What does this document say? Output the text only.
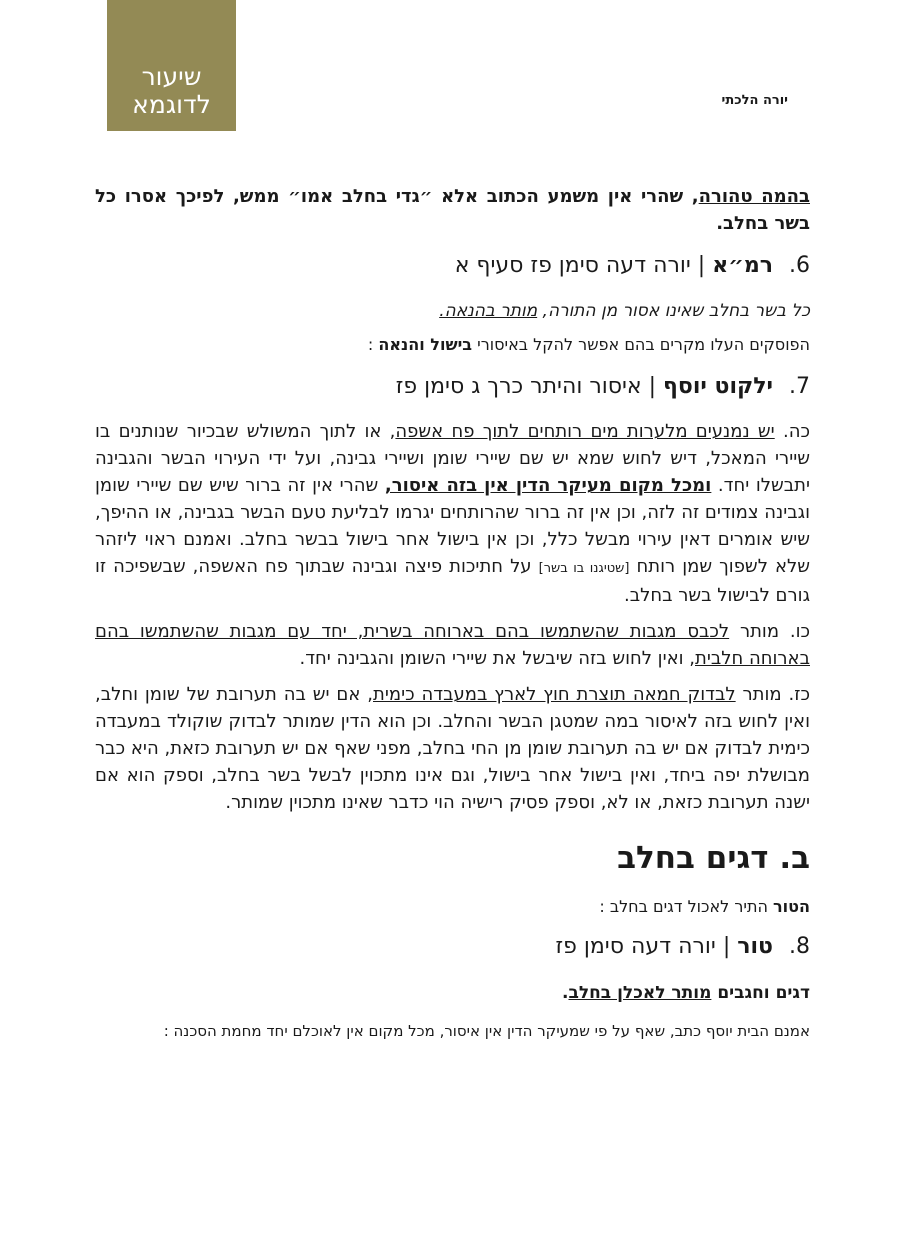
שיעור
לדוגמא	יורה הלכתי

בהמה טהורה, שהרי אין משמע הכתוב אלא ״גדי בחלב אמו״ ממש, לפיכך אסרו כל בשר בחלב.

6.רמ״א | יורה דעה סימן פז סעיף א

כל בשר בחלב שאינו אסור מן התורה, מותר בהנאה.

הפוסקים העלו מקרים בהם אפשר להקל באיסורי בישול והנאה :

7.ילקוט יוסף | איסור והיתר כרך ג סימן פז

כה. יש נמנעים מלערות מים רותחים לתוך פח אשפה, או לתוך המשולש שבכיור שנותנים בו שיירי המאכל, דיש לחוש שמא יש שם שיירי שומן ושיירי גבינה, ועל ידי העירוי הבשר והגבינה יתבשלו יחד. ומכל מקום מעיקר הדין אין בזה איסור, שהרי אין זה ברור שיש שם שיירי שומן וגבינה צמודים זה לזה, וכן אין זה ברור שהרותחים יגרמו לבליעת טעם הבשר בגבינה, או ההיפך, שיש אומרים דאין עירוי מבשל כלל, וכן אין בישול אחר בישול בבשר בחלב. ואמנם ראוי ליזהר שלא לשפוך שמן רותח [שטיגנו בו בשר] על חתיכות פיצה וגבינה שבתוך פח האשפה, שבשפיכה זו גורם לבישול בשר בחלב.

כו. מותר לכבס מגבות שהשתמשו בהם בארוחה בשרית, יחד עם מגבות שהשתמשו בהם בארוחה חלבית, ואין לחוש בזה שיבשל את שיירי השומן והגבינה יחד.

כז. מותר לבדוק חמאה תוצרת חוץ לארץ במעבדה כימית, אם יש בה תערובת של שומן וחלב, ואין לחוש בזה לאיסור במה שמטגן הבשר והחלב. וכן הוא הדין שמותר לבדוק שוקולד במעבדה כימית לבדוק אם יש בה תערובת שומן מן החי בחלב, מפני שאף אם יש תערובת כזאת, היא כבר מבושלת יפה ביחד, ואין בישול אחר בישול, וגם אינו מתכוין לבשל בשר בחלב, וספק הוא אם ישנה תערובת כזאת, או לא, וספק פסיק רישיה הוי כדבר שאינו מתכוין שמותר.

ב. דגים בחלב

הטור התיר לאכול דגים בחלב :

8.טור | יורה דעה סימן פז

דגים וחגבים מותר לאכלן בחלב.

אמנם הבית יוסף כתב, שאף על פי שמעיקר הדין אין איסור, מכל מקום אין לאוכלם יחד מחמת הסכנה :
